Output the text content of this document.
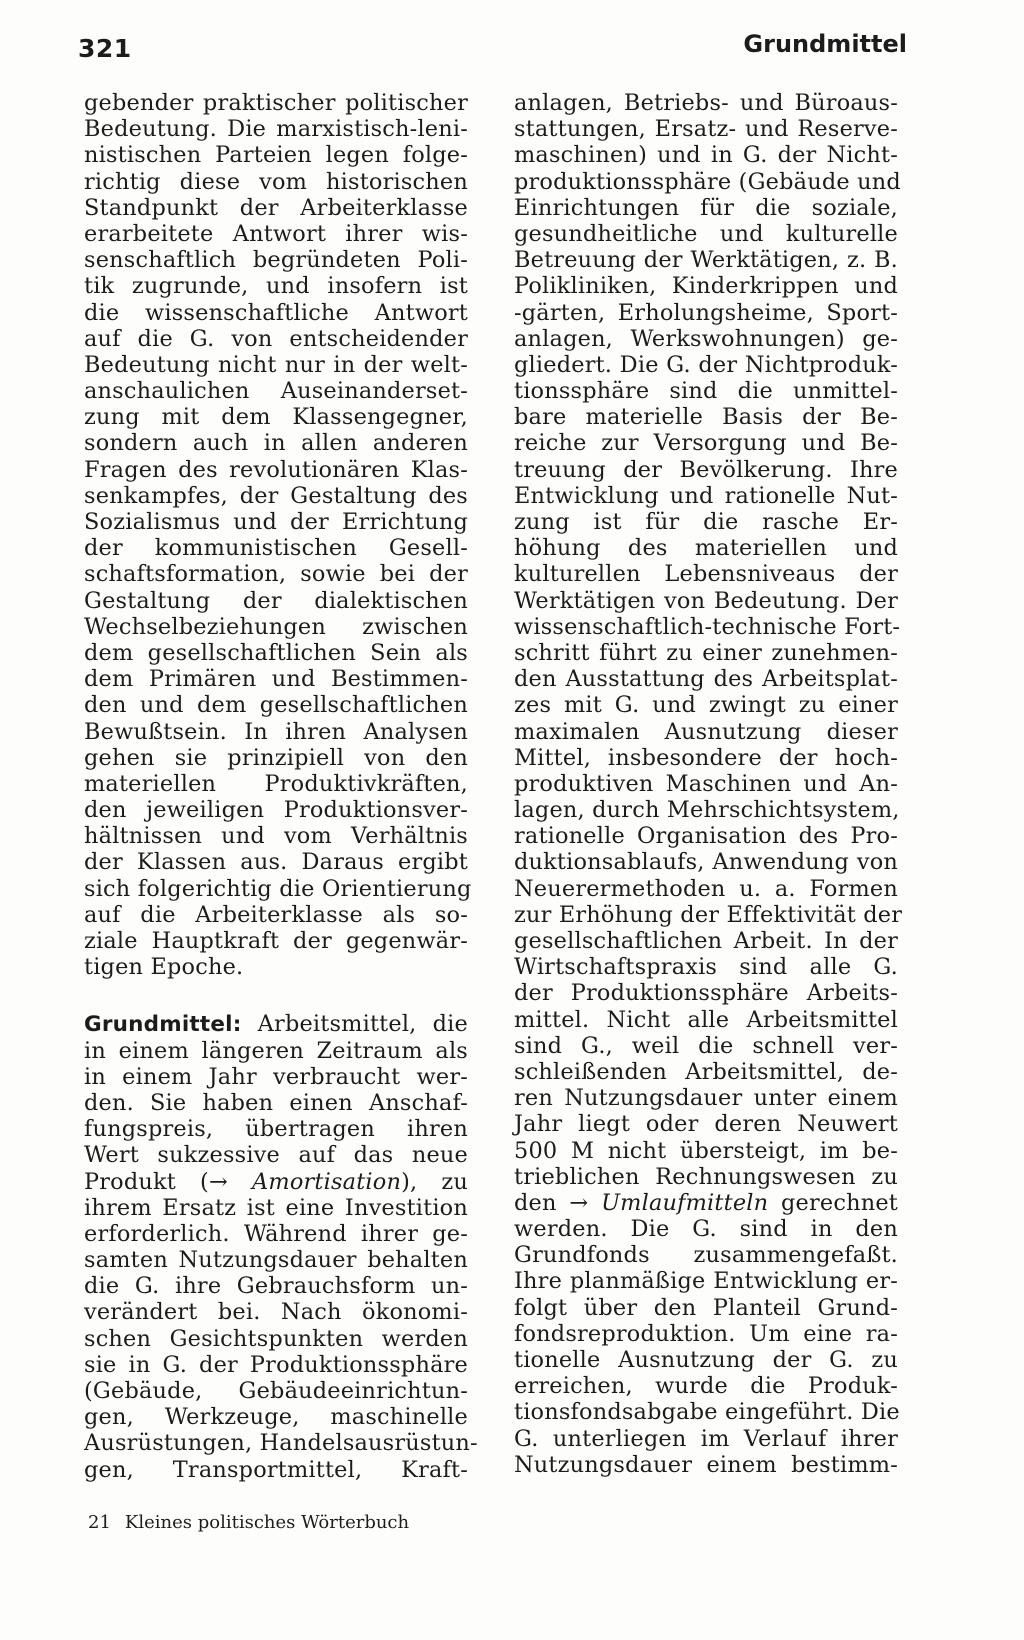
321	Grundmittel
gebender praktischer politischer
Bedeutung. Die marxistisch-leni-
nistischen Parteien legen folge-
richtig diese vom historischen
Standpunkt der Arbeiterklasse
erarbeitete Antwort ihrer wis-
senschaftlich begründeten Poli-
tik zugrunde, und insofern ist
die wissenschaftliche Antwort
auf die G. von entscheidender
Bedeutung nicht nur in der welt-
anschaulichen Auseinanderset-
zung mit dem Klassengegner,
sondern auch in allen anderen
Fragen des revolutionären Klas-
senkampfes, der Gestaltung des
Sozialismus und der Errichtung
der kommunistischen Gesell-
schaftsformation, sowie bei der
Gestaltung der dialektischen
Wechselbeziehungen zwischen
dem gesellschaftlichen Sein als
dem Primären und Bestimmen-
den und dem gesellschaftlichen
Bewußtsein. In ihren Analysen
gehen sie prinzipiell von den
materiellen Produktivkräften,
den jeweiligen Produktionsver-
hältnissen und vom Verhältnis
der Klassen aus. Daraus ergibt
sich folgerichtig die Orientierung
auf die Arbeiterklasse als so-
ziale Hauptkraft der gegenwär-
tigen Epoche.
Grundmittel: Arbeitsmittel, die
in einem längeren Zeitraum als
in einem Jahr verbraucht wer-
den. Sie haben einen Anschaf-
fungspreis, übertragen ihren
Wert sukzessive auf das neue
Produkt (→ Amortisation), zu
ihrem Ersatz ist eine Investition
erforderlich. Während ihrer ge-
samten Nutzungsdauer behalten
die G. ihre Gebrauchsform un-
verändert bei. Nach ökonomi-
schen Gesichtspunkten werden
sie in G. der Produktionssphäre
(Gebäude, Gebäudeeinrichtun-
gen, Werkzeuge, maschinelle
Ausrüstungen, Handelsausrüstun-
gen, Transportmittel, Kraft-
anlagen, Betriebs- und Büroaus-
stattungen, Ersatz- und Reserve-
maschinen) und in G. der Nicht-
produktionssphäre (Gebäude und
Einrichtungen für die soziale,
gesundheitliche und kulturelle
Betreuung der Werktätigen, z. B.
Polikliniken, Kinderkrippen und
-gärten, Erholungsheime, Sport-
anlagen, Werkswohnungen) ge-
gliedert. Die G. der Nichtproduk-
tionssphäre sind die unmittel-
bare materielle Basis der Be-
reiche zur Versorgung und Be-
treuung der Bevölkerung. Ihre
Entwicklung und rationelle Nut-
zung ist für die rasche Er-
höhung des materiellen und
kulturellen Lebensniveaus der
Werktätigen von Bedeutung. Der
wissenschaftlich-technische Fort-
schritt führt zu einer zunehmen-
den Ausstattung des Arbeitsplat-
zes mit G. und zwingt zu einer
maximalen Ausnutzung dieser
Mittel, insbesondere der hoch-
produktiven Maschinen und An-
lagen, durch Mehrschichtsystem,
rationelle Organisation des Pro-
duktionsablaufs, Anwendung von
Neuerermethoden u. a. Formen
zur Erhöhung der Effektivität der
gesellschaftlichen Arbeit. In der
Wirtschaftspraxis sind alle G.
der Produktionssphäre Arbeits-
mittel. Nicht alle Arbeitsmittel
sind G., weil die schnell ver-
schleißenden Arbeitsmittel, de-
ren Nutzungsdauer unter einem
Jahr liegt oder deren Neuwert
500 M nicht übersteigt, im be-
trieblichen Rechnungswesen zu
den → Umlaufmitteln gerechnet
werden. Die G. sind in den
Grundfonds zusammengefaßt.
Ihre planmäßige Entwicklung er-
folgt über den Planteil Grund-
fondsreproduktion. Um eine ra-
tionelle Ausnutzung der G. zu
erreichen, wurde die Produk-
tionsfondsabgabe eingeführt. Die
G. unterliegen im Verlauf ihrer
Nutzungsdauer einem bestimm-
21 Kleines politisches Wörterbuch
